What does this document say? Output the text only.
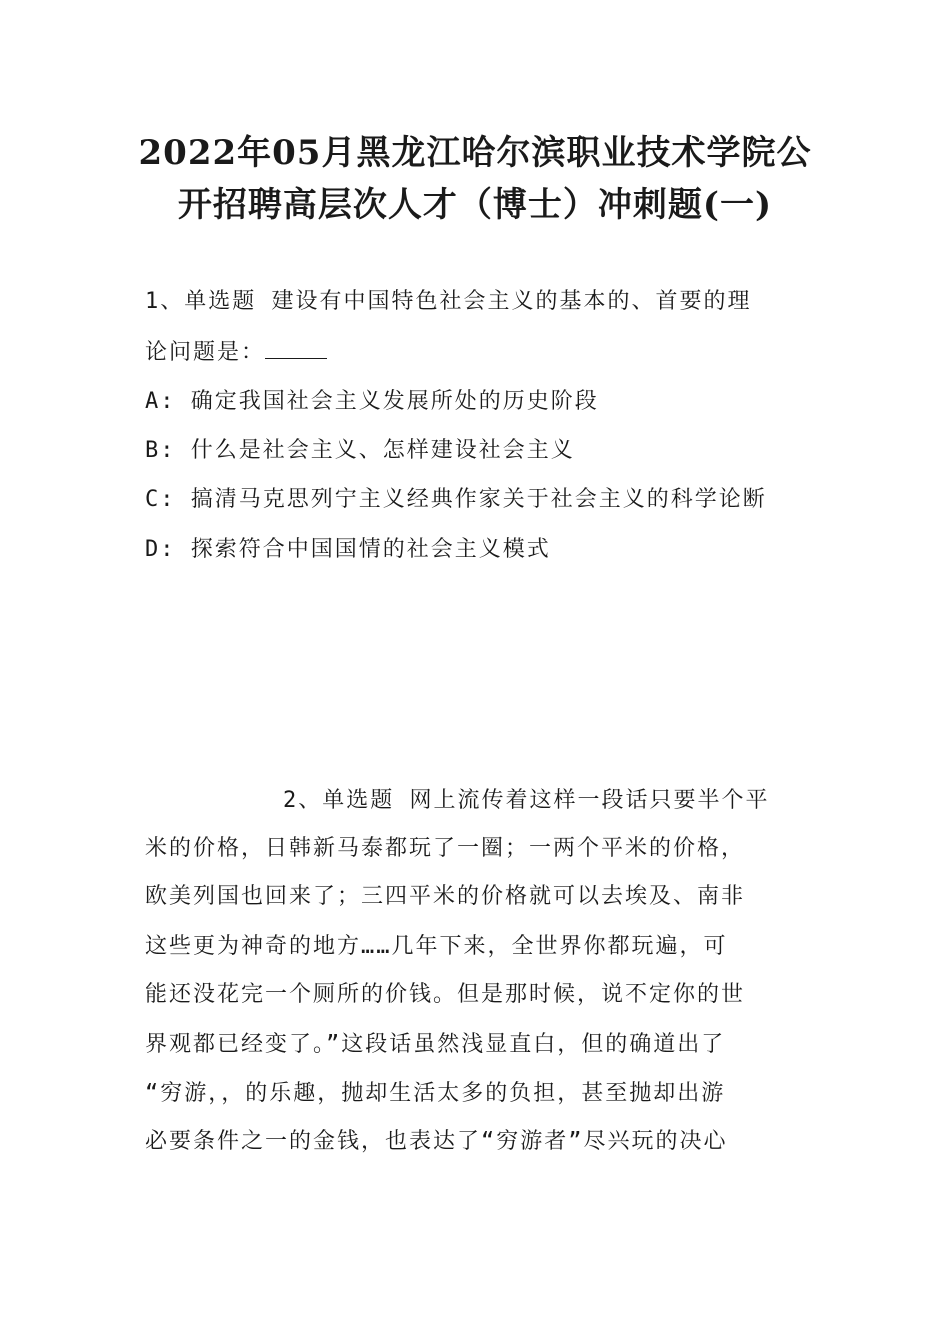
2022年05月黑龙江哈尔滨职业技术学院公
开招聘高层次人才（博士）冲刺题(一)
1、单选题 建设有中国特色社会主义的基本的、首要的理
论问题是：
A: 确定我国社会主义发展所处的历史阶段
B: 什么是社会主义、怎样建设社会主义
C: 搞清马克思列宁主义经典作家关于社会主义的科学论断
D: 探索符合中国国情的社会主义模式
2、单选题 网上流传着这样一段话只要半个平
米的价格，日韩新马泰都玩了一圈；一两个平米的价格，
欧美列国也回来了；三四平米的价格就可以去埃及、南非
这些更为神奇的地方……几年下来，全世界你都玩遍，可
能还没花完一个厕所的价钱。但是那时候，说不定你的世
界观都已经变了。”这段话虽然浅显直白，但的确道出了
“穷游，，的乐趣，抛却生活太多的负担，甚至抛却出游
必要条件之一的金钱，也表达了“穷游者”尽兴玩的决心
